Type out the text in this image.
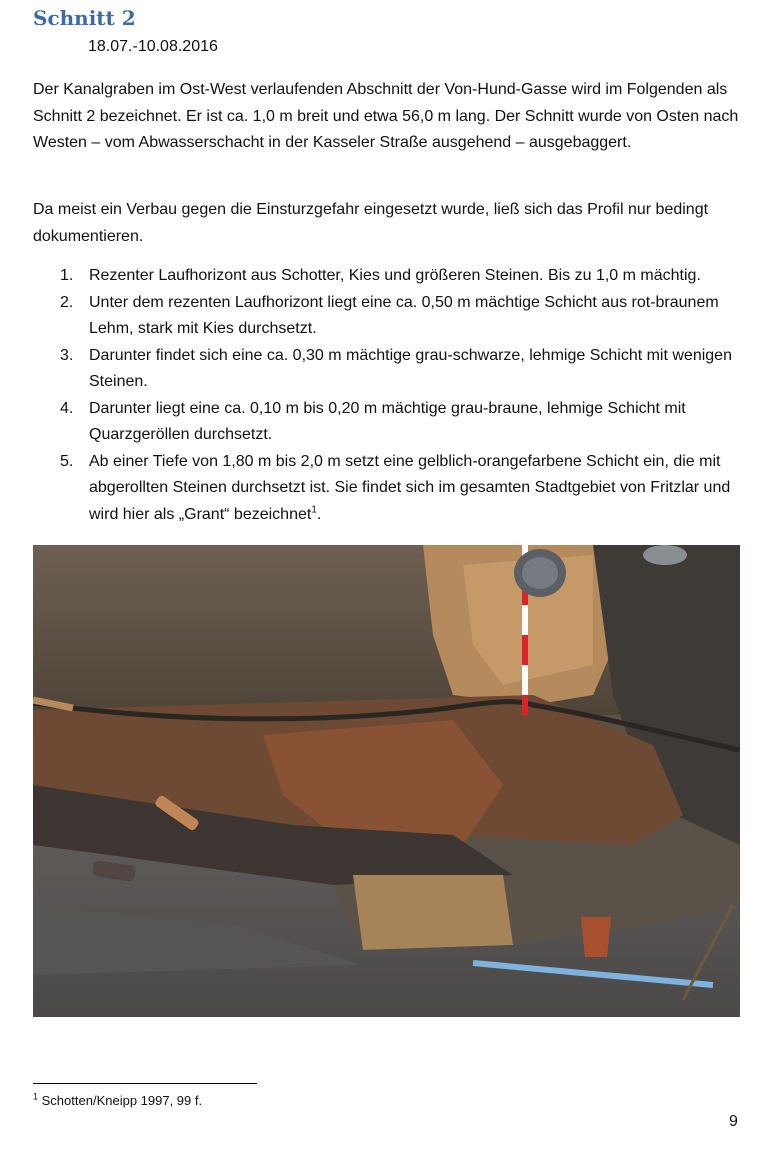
Schnitt 2
18.07.-10.08.2016

Der Kanalgraben im Ost-West verlaufenden Abschnitt der Von-Hund-Gasse wird im Folgenden als Schnitt 2 bezeichnet. Er ist ca. 1,0 m breit und etwa 56,0 m lang. Der Schnitt wurde von Osten nach Westen – vom Abwasserschacht in der Kasseler Straße ausgehend – ausgebaggert.

Da meist ein Verbau gegen die Einsturzgefahr eingesetzt wurde, ließ sich das Profil nur bedingt dokumentieren.

1. Rezenter Laufhorizont aus Schotter, Kies und größeren Steinen. Bis zu 1,0 m mächtig.
2. Unter dem rezenten Laufhorizont liegt eine ca. 0,50 m mächtige Schicht aus rot-braunem Lehm, stark mit Kies durchsetzt.
3. Darunter findet sich eine ca. 0,30 m mächtige grau-schwarze, lehmige Schicht mit wenigen Steinen.
4. Darunter liegt eine ca. 0,10 m bis 0,20 m mächtige grau-braune, lehmige Schicht mit Quarzgeröllen durchsetzt.
5. Ab einer Tiefe von 1,80 m bis 2,0 m setzt eine gelblich-orangefarbene Schicht ein, die mit abgerollten Steinen durchsetzt ist. Sie findet sich im gesamten Stadtgebiet von Fritzlar und wird hier als „Grant“ bezeichnet$^1$.
$^1$ Schotten/Kneipp 1997, 99 f.
9
